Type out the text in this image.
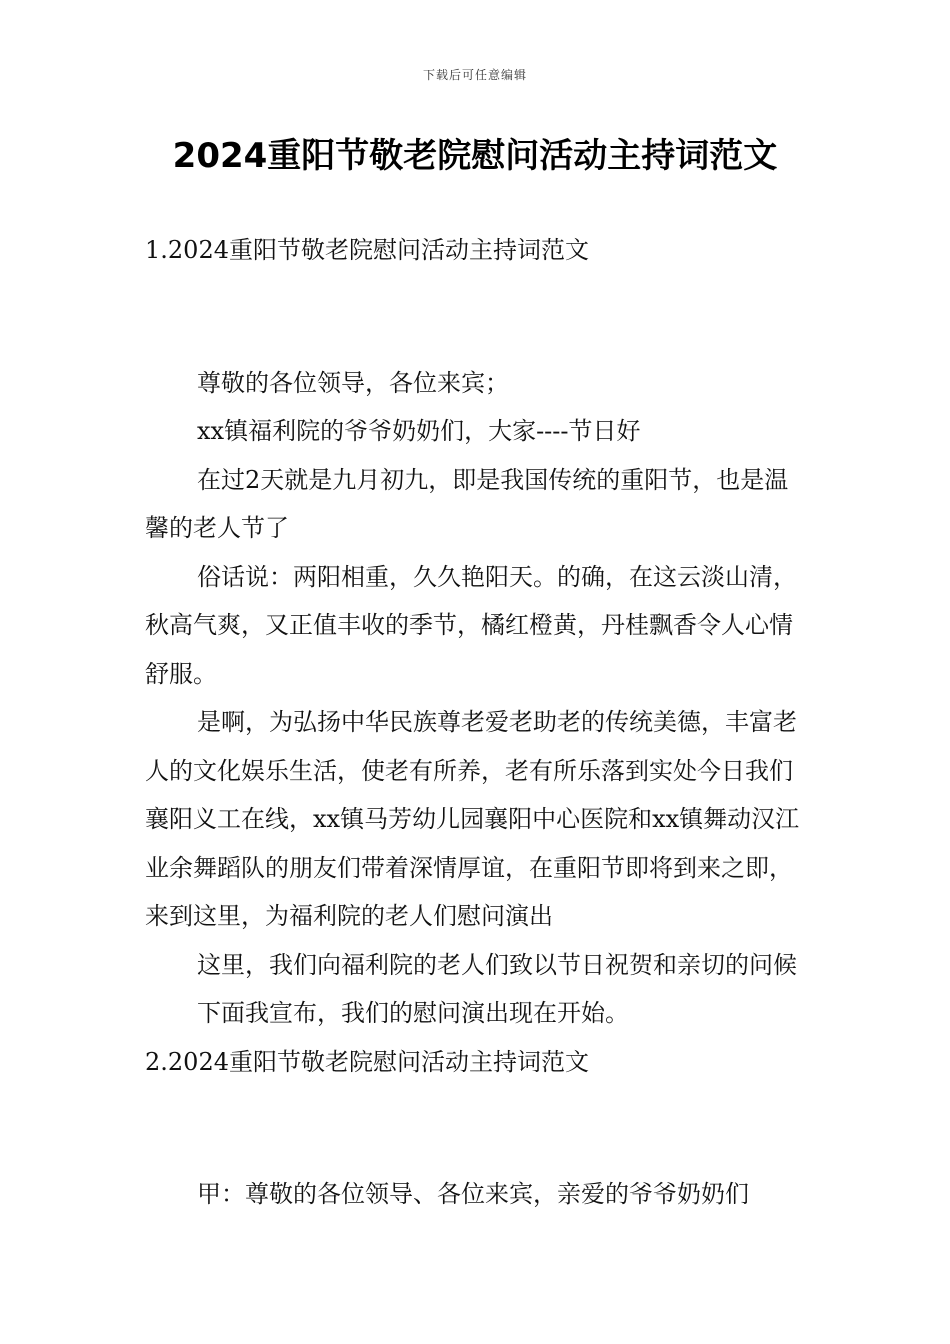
下载后可任意编辑
2024重阳节敬老院慰问活动主持词范文
1.2024重阳节敬老院慰问活动主持词范文

尊敬的各位领导，各位来宾；

xx镇福利院的爷爷奶奶们，大家----节日好

在过2天就是九月初九，即是我国传统的重阳节，也是温馨的老人节了

俗话说：两阳相重，久久艳阳天。的确，在这云淡山清，秋高气爽，又正值丰收的季节，橘红橙黄，丹桂飘香令人心情舒服。

是啊，为弘扬中华民族尊老爱老助老的传统美德，丰富老人的文化娱乐生活，使老有所养，老有所乐落到实处今日我们襄阳义工在线，xx镇马芳幼儿园襄阳中心医院和xx镇舞动汉江业余舞蹈队的朋友们带着深情厚谊，在重阳节即将到来之即，来到这里，为福利院的老人们慰问演出

这里，我们向福利院的老人们致以节日祝贺和亲切的问候

下面我宣布，我们的慰问演出现在开始。

2.2024重阳节敬老院慰问活动主持词范文

甲：尊敬的各位领导、各位来宾，亲爱的爷爷奶奶们
